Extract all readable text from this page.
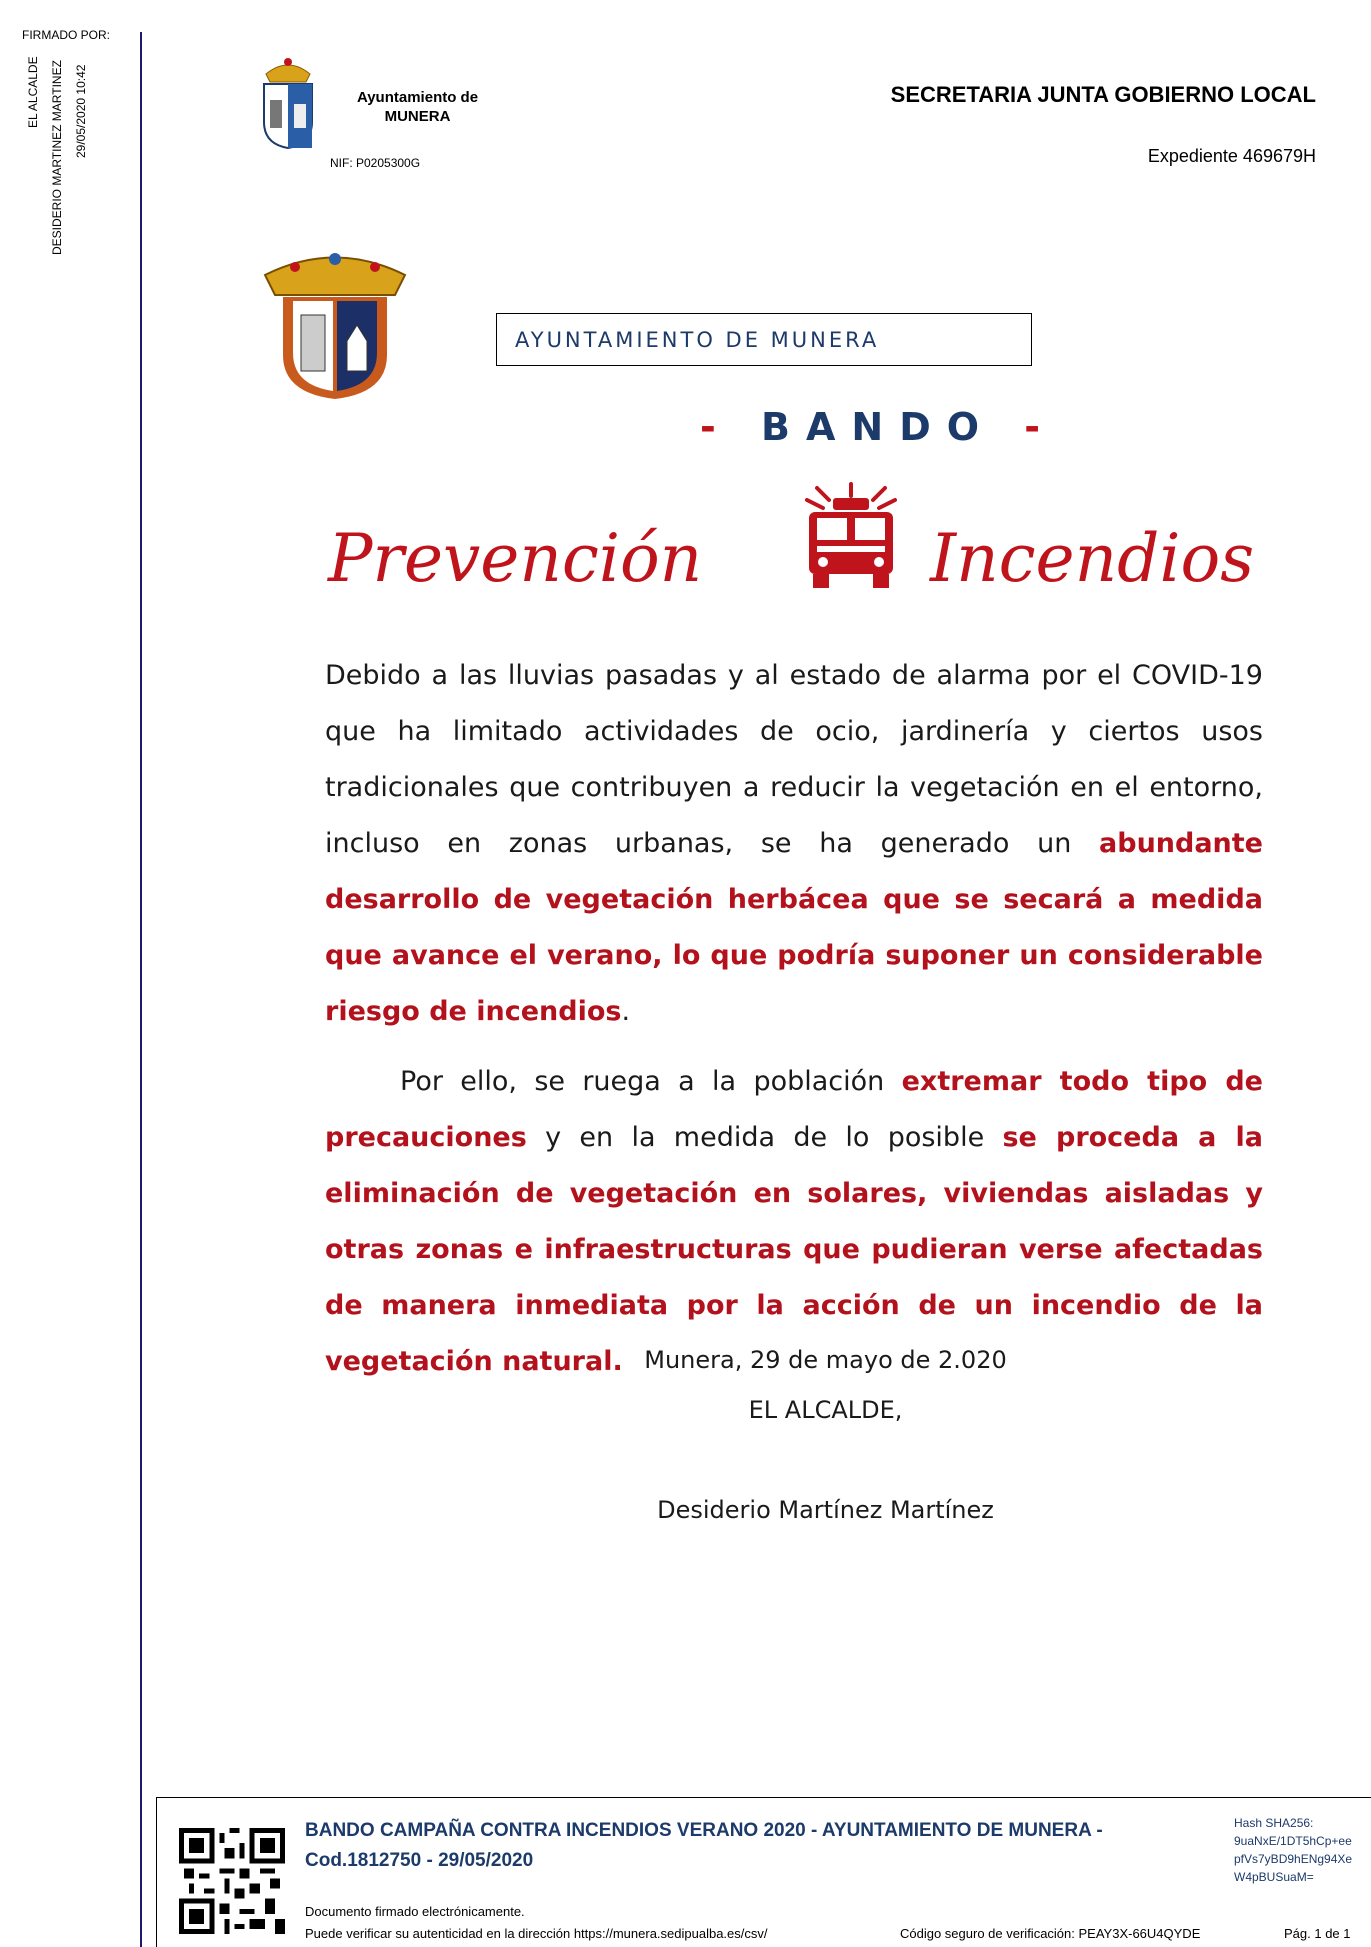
FIRMADO POR:
EL ALCALDE DESIDERIO MARTINEZ MARTINEZ 29/05/2020 10:42	Ayuntamiento de
MUNERA
NIF: P0205300G
SECRETARIA JUNTA GOBIERNO LOCAL
Expediente 469679H
AYUNTAMIENTO DE MUNERA
- BANDO -
Prevención	Incendios

Debido a las lluvias pasadas y al estado de alarma por el COVID-19 que ha limitado actividades de ocio, jardinería y ciertos usos tradicionales que contribuyen a reducir la vegetación en el entorno, incluso en zonas urbanas, se ha generado un abundante desarrollo de vegetación herbácea que se secará a medida que avance el verano, lo que podría suponer un considerable riesgo de incendios.

Por ello, se ruega a la población extremar todo tipo de precauciones y en la medida de lo posible se proceda a la eliminación de vegetación en solares, viviendas aisladas y otras zonas e infraestructuras que pudieran verse afectadas de manera inmediata por la acción de un incendio de la vegetación natural. Munera, 29 de mayo de 2.020
EL ALCALDE,
Desiderio Martínez Martínez
BANDO CAMPAÑA CONTRA INCENDIOS VERANO 2020 - AYUNTAMIENTO DE MUNERA - Cod.1812750 - 29/05/2020
Hash SHA256:
9uaNxE/1DT5hCp+ee
pfVs7yBD9hENg94Xe
W4pBUSuaM=
Documento firmado electrónicamente.
Puede verificar su autenticidad en la dirección https://munera.sedipualba.es/csv/	Código seguro de verificación: PEAY3X-66U4QYDE	Pág. 1 de 1
